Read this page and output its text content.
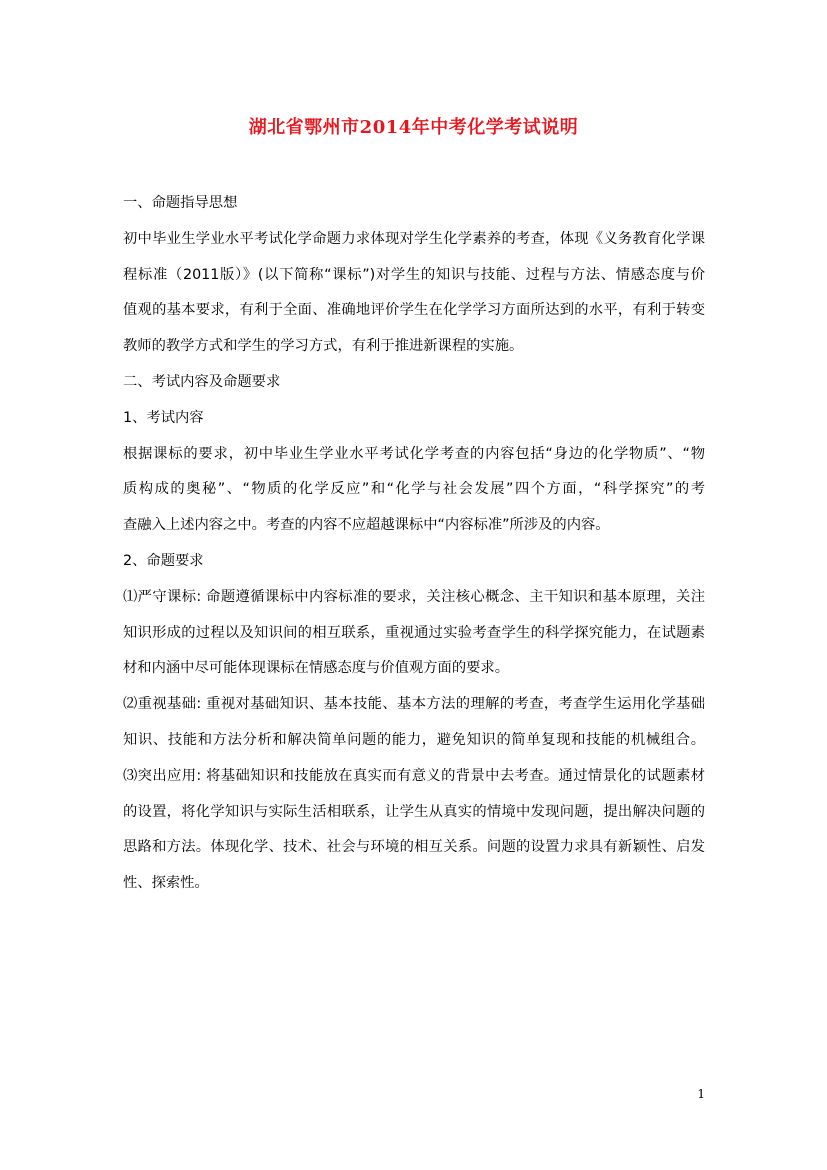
湖北省鄂州市2014年中考化学考试说明
一、命题指导思想
初中毕业生学业水平考试化学命题力求体现对学生化学素养的考查，体现《义务教育化学课
程标准（2011版）》(以下简称“课标”)对学生的知识与技能、过程与方法、情感态度与价
值观的基本要求，有利于全面、准确地评价学生在化学学习方面所达到的水平，有利于转变
教师的教学方式和学生的学习方式，有利于推进新课程的实施。
二、考试内容及命题要求
1、考试内容
根据课标的要求，初中毕业生学业水平考试化学考查的内容包括“身边的化学物质”、“物
质构成的奥秘”、“物质的化学反应”和“化学与社会发展”四个方面，“科学探究”的考
查融入上述内容之中。考查的内容不应超越课标中“内容标准”所涉及的内容。
2、命题要求
⑴严守课标: 命题遵循课标中内容标准的要求，关注核心概念、主干知识和基本原理，关注
知识形成的过程以及知识间的相互联系，重视通过实验考查学生的科学探究能力，在试题素
材和内涵中尽可能体现课标在情感态度与价值观方面的要求。
⑵重视基础: 重视对基础知识、基本技能、基本方法的理解的考查，考查学生运用化学基础
知识、技能和方法分析和解决简单问题的能力，避免知识的简单复现和技能的机械组合。
⑶突出应用: 将基础知识和技能放在真实而有意义的背景中去考查。通过情景化的试题素材
的设置，将化学知识与实际生活相联系，让学生从真实的情境中发现问题，提出解决问题的
思路和方法。体现化学、技术、社会与环境的相互关系。问题的设置力求具有新颖性、启发
性、探索性。
1
